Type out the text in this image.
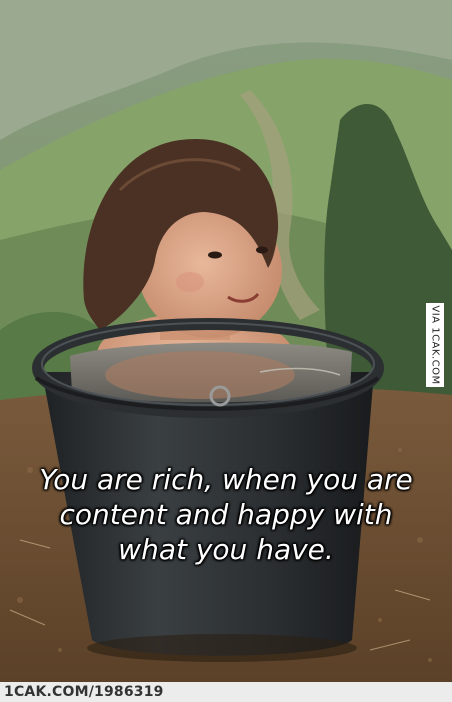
You are rich, when you are
content and happy with
what you have.
VIA 1CAK.COM
1CAK.COM/1986319
